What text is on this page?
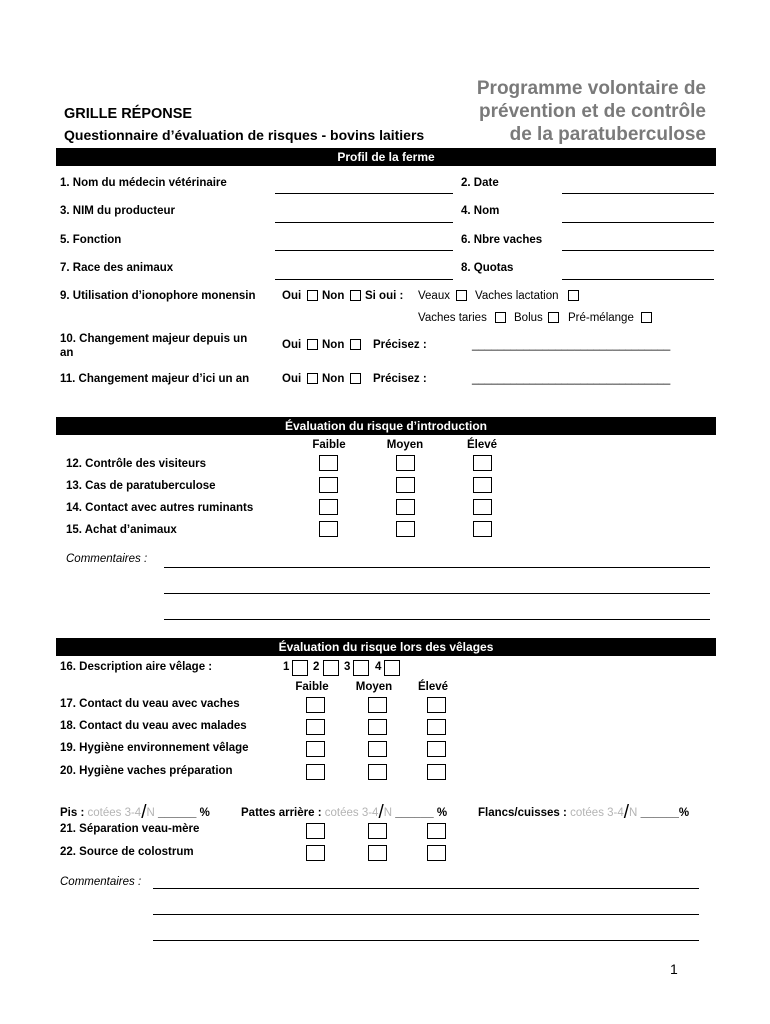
Programme volontaire de
prévention et de contrôle
de la paratuberculose
GRILLE RÉPONSE
Questionnaire d’évaluation de risques - bovins laitiers
Profil de la ferme
1. Nom du médecin vétérinaire	2. Date
3. NIM du producteur	4. Nom
5. Fonction	6. Nbre vaches
7. Race des animaux	8. Quotas
9. Utilisation d’ionophore monensin Oui Non Si oui : Veaux Vaches lactation
Vaches taries Bolus Pré-mélange
10. Changement majeur depuis un an
Oui Non Précisez :	_______________________________
11. Changement majeur d’ici un an	Oui Non Précisez :	_______________________________
Évaluation du risque d’introduction
Faible	Moyen	Élevé
12. Contrôle des visiteurs
13. Cas de paratuberculose
14. Contact avec autres ruminants
15. Achat d’animaux
Commentaires :
Évaluation du risque lors des vêlages
16. Description aire vêlage :	1 2 3 4
Faible	Moyen	Élevé
17. Contact du veau avec vaches
18. Contact du veau avec malades
19. Hygiène environnement vêlage
20. Hygiène vaches préparation
Pis : cotées 3-4/N ______ %	Pattes arrière : cotées 3-4/N ______ %	Flancs/cuisses : cotées 3-4/N ______%
21. Séparation veau-mère
22. Source de colostrum
Commentaires :
1
